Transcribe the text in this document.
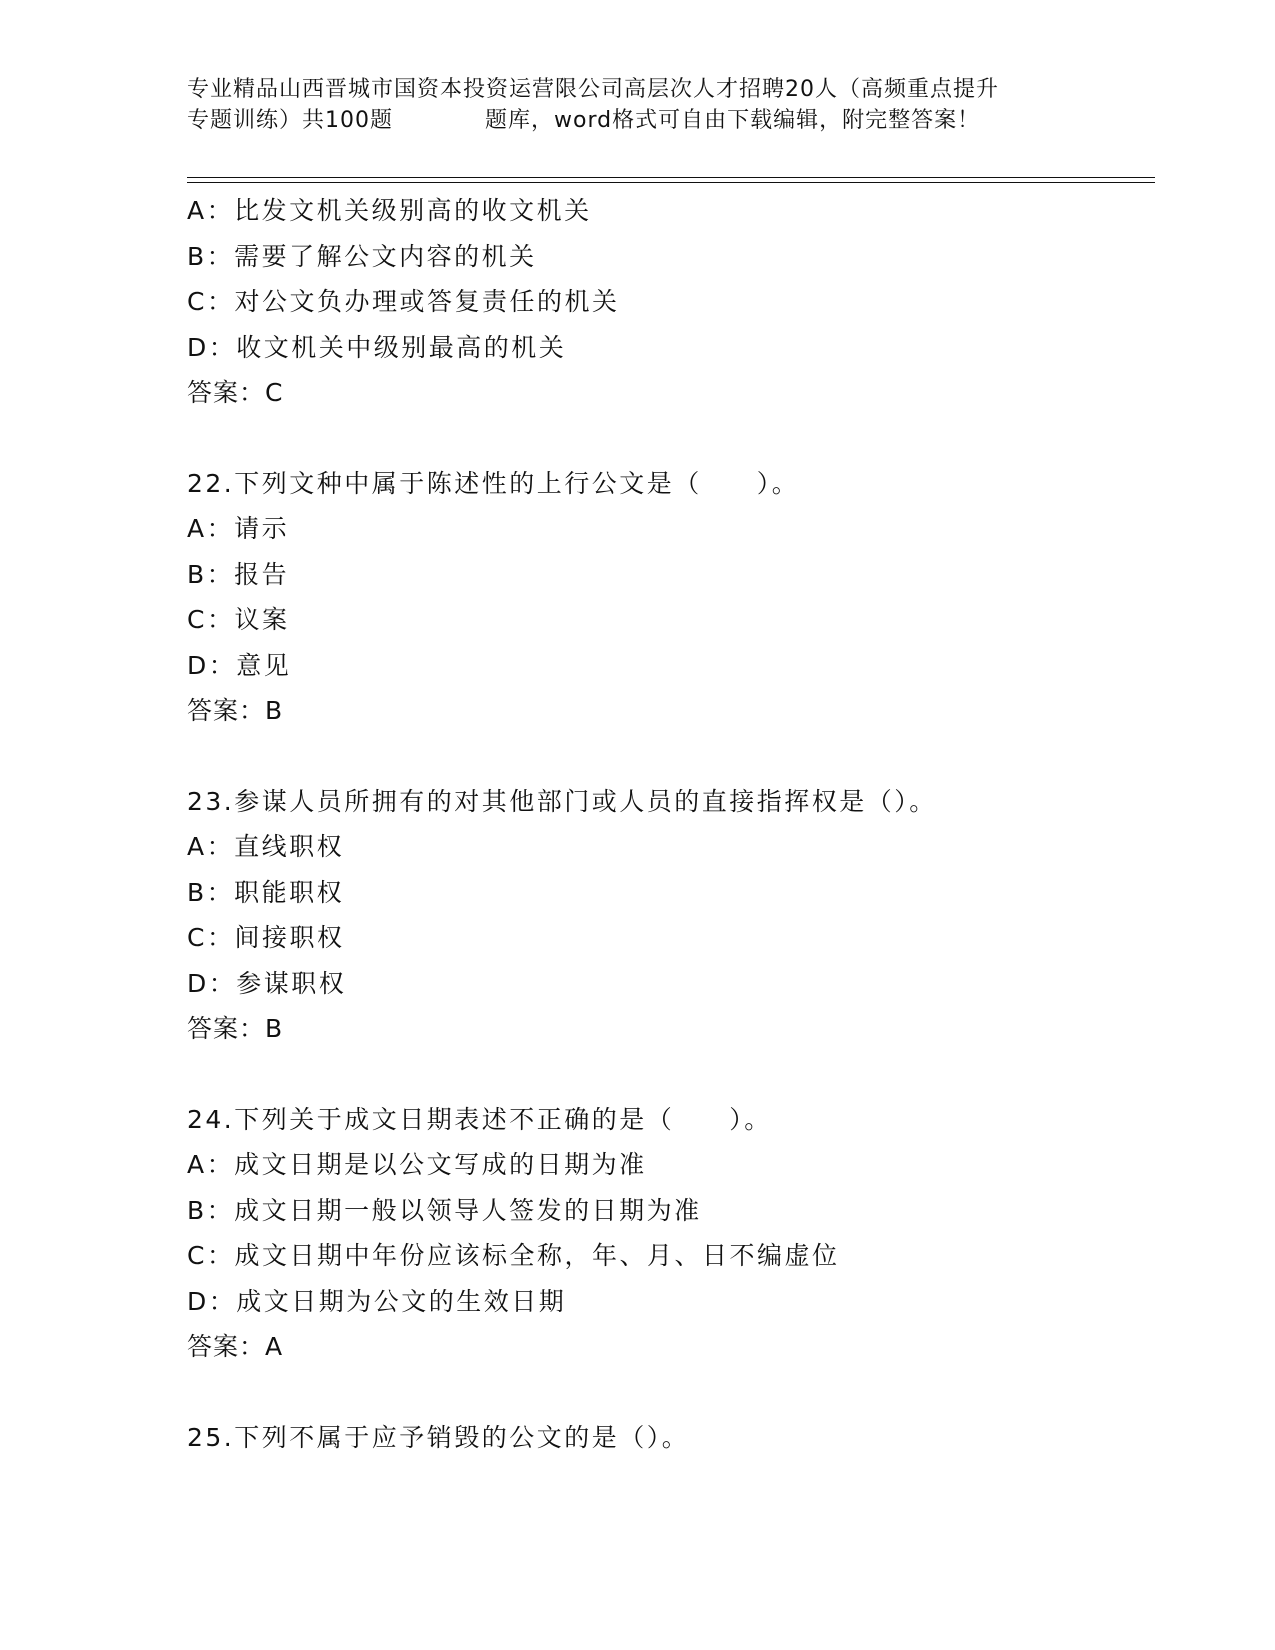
专业精品山西晋城市国资本投资运营限公司高层次人才招聘20人（高频重点提升
专题训练）共100题　　　　题库，word格式可自由下载编辑，附完整答案！
A：比发文机关级别高的收文机关
B：需要了解公文内容的机关
C：对公文负办理或答复责任的机关
D：收文机关中级别最高的机关
答案：C
22.下列文种中属于陈述性的上行公文是（　　）。
A：请示
B：报告
C：议案
D：意见
答案：B
23.参谋人员所拥有的对其他部门或人员的直接指挥权是（）。
A：直线职权
B：职能职权
C：间接职权
D：参谋职权
答案：B
24.下列关于成文日期表述不正确的是（　　）。
A：成文日期是以公文写成的日期为准
B：成文日期一般以领导人签发的日期为准
C：成文日期中年份应该标全称，年、月、日不编虚位
D：成文日期为公文的生效日期
答案：A
25.下列不属于应予销毁的公文的是（）。
